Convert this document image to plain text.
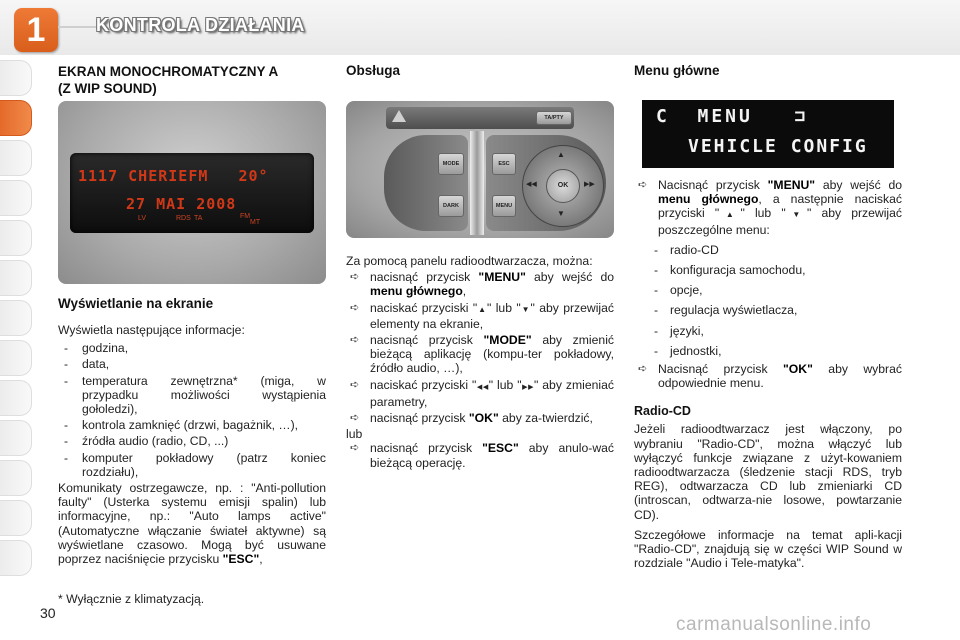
1	KONTROLA DZIAŁANIA
EKRAN MONOCHROMATYCZNY A
(Z WIP SOUND)
1117 CHERIEFM   20°
27 MAI 2008
LV	RDS TA	FM
MT
Wyświetlanie na ekranie

Wyświetla następujące informacje:

- godzina,
- data,
- temperatura zewnętrzna* (miga, w przypadku możliwości wystąpienia gołoledzi),
- kontrola zamknięć (drzwi, bagażnik, …),
- źródła audio (radio, CD, ...)
- komputer pokładowy (patrz koniec rozdziału),

Komunikaty ostrzegawcze, np. : "Anti-pollution faulty" (Usterka systemu emisji spalin) lub informacyjne, np.: "Auto lamps active" (Automatyczne włączanie świateł aktywne) są wyświetlane czasowo. Mogą być usuwane poprzez naciśnięcie przycisku "ESC",

* Wyłącznie z klimatyzacją.
30
Obsługa
TA/PTY
MODE
DARK
ESC
MENU
OK
▲
▼
◀◀	▶▶

Za pomocą panelu radioodtwarzacza, można:

➪ nacisnąć przycisk "MENU" aby wejść do menu głównego,
➪ naciskać przyciski "▲" lub "▼" aby przewijać elementy na ekranie,
➪ nacisnąć przycisk "MODE" aby zmienić bieżącą aplikację (kompu-ter pokładowy, źródło audio, …),
➪ naciskać przyciski "◀◀" lub "▶▶" aby zmieniać parametry,
➪ nacisnąć przycisk "OK" aby za-twierdzić,

lub

➪ nacisnąć przycisk "ESC" aby anulo-wać bieżącą operację.
Menu główne
C  MENU   ⊐
VEHICLE CONFIG
➪ Nacisnąć przycisk "MENU" aby wejść do menu głównego, a następnie naciskać przyciski "▲" lub "▼" aby przewijać poszczególne menu:
- radio-CD
- konfiguracja samochodu,
- opcje,
- regulacja wyświetlacza,
- języki,
- jednostki,
➪ Nacisnąć przycisk "OK" aby wybrać odpowiednie menu.
Radio-CD

Jeżeli radioodtwarzacz jest włączony, po wybraniu "Radio-CD", można włączyć lub wyłączyć funkcje związane z użyt-kowaniem radioodtwarzacza (śledzenie stacji RDS, tryb REG), odtwarzacza CD lub zmieniarki CD (introscan, odtwarza-nie losowe, powtarzanie CD).

Szczegółowe informacje na temat apli-kacji "Radio-CD", znajdują się w części WIP Sound w rozdziale "Audio i Tele-matyka".

carmanualsonline.info
